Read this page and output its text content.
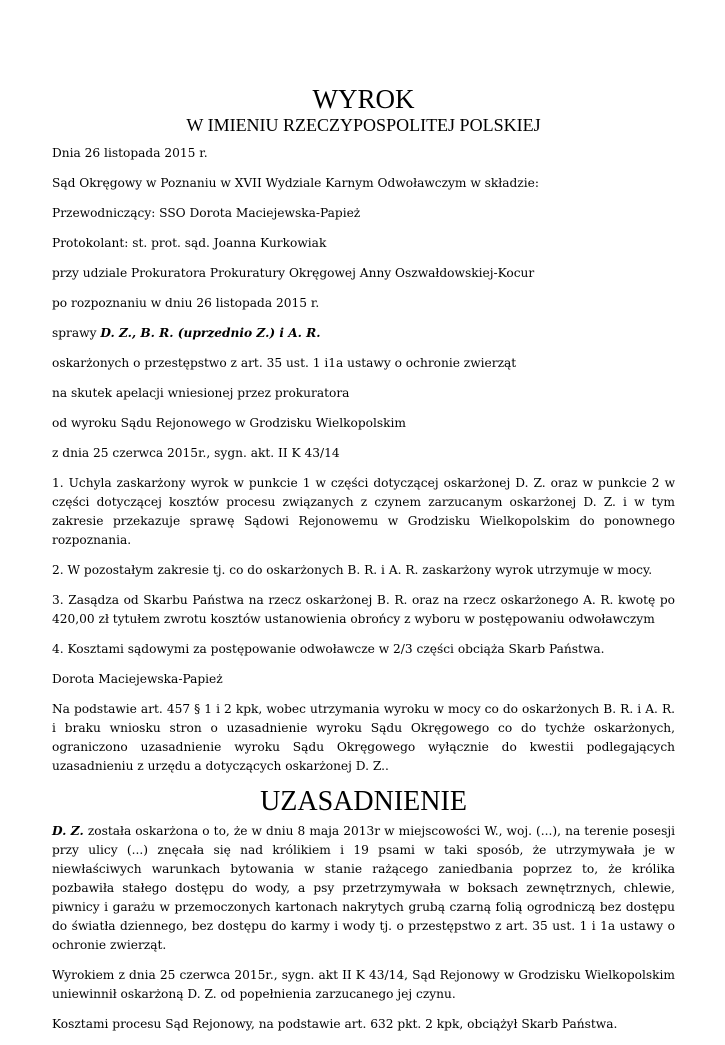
WYROK
W IMIENIU RZECZYPOSPOLITEJ POLSKIEJ

Dnia 26 listopada 2015 r.

Sąd Okręgowy w Poznaniu w XVII Wydziale Karnym Odwoławczym w składzie:

Przewodniczący: SSO Dorota Maciejewska-Papież

Protokolant: st. prot. sąd. Joanna Kurkowiak

przy udziale Prokuratora Prokuratury Okręgowej Anny Oszwałdowskiej-Kocur

po rozpoznaniu w dniu 26 listopada 2015 r.

sprawy D. Z., B. R. (uprzednio Z.) i A. R.

oskarżonych o przestępstwo z art. 35 ust. 1 i1a ustawy o ochronie zwierząt

na skutek apelacji wniesionej przez prokuratora

od wyroku Sądu Rejonowego w Grodzisku Wielkopolskim

z dnia 25 czerwca 2015r., sygn. akt. II K 43/14

1. Uchyla zaskarżony wyrok w punkcie 1 w części dotyczącej oskarżonej D. Z. oraz w punkcie 2 w części dotyczącej kosztów procesu związanych z czynem zarzucanym oskarżonej D. Z. i w tym zakresie przekazuje sprawę Sądowi Rejonowemu w Grodzisku Wielkopolskim do ponownego rozpoznania.

2. W pozostałym zakresie tj. co do oskarżonych B. R. i A. R. zaskarżony wyrok utrzymuje w mocy.

3. Zasądza od Skarbu Państwa na rzecz oskarżonej B. R. oraz na rzecz oskarżonego A. R. kwotę po 420,00 zł tytułem zwrotu kosztów ustanowienia obrońcy z wyboru w postępowaniu odwoławczym

4. Kosztami sądowymi za postępowanie odwoławcze w 2/3 części obciąża Skarb Państwa.

Dorota Maciejewska-Papież

Na podstawie art. 457 § 1 i 2 kpk, wobec utrzymania wyroku w mocy co do oskarżonych B. R. i A. R. i braku wniosku stron o uzasadnienie wyroku Sądu Okręgowego co do tychże oskarżonych, ograniczono uzasadnienie wyroku Sądu Okręgowego wyłącznie do kwestii podlegających uzasadnieniu z urzędu a dotyczących oskarżonej D. Z..

UZASADNIENIE

D. Z. została oskarżona o to, że w dniu 8 maja 2013r w miejscowości W., woj. (...), na terenie posesji przy ulicy (...) znęcała się nad królikiem i 19 psami w taki sposób, że utrzymywała je w niewłaściwych warunkach bytowania w stanie rażącego zaniedbania poprzez to, że królika pozbawiła stałego dostępu do wody, a psy przetrzymywała w boksach zewnętrznych, chlewie, piwnicy i garażu w przemoczonych kartonach nakrytych grubą czarną folią ogrodniczą bez dostępu do światła dziennego, bez dostępu do karmy i wody tj. o przestępstwo z art. 35 ust. 1 i 1a ustawy o ochronie zwierząt.

Wyrokiem z dnia 25 czerwca 2015r., sygn. akt II K 43/14, Sąd Rejonowy w Grodzisku Wielkopolskim uniewinnił oskarżoną D. Z. od popełnienia zarzucanego jej czynu.

Kosztami procesu Sąd Rejonowy, na podstawie art. 632 pkt. 2 kpk, obciążył Skarb Państwa.
